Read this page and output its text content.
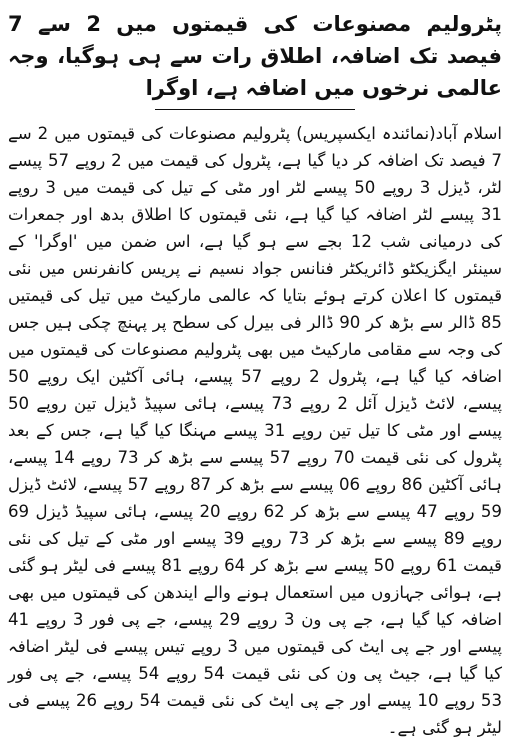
پٹرولیم مصنوعات کی قیمتوں میں 2 سے 7 فیصد تک اضافہ، اطلاق رات سے ہی ہوگیا، وجہ عالمی نرخوں میں اضافہ ہے، اوگرا

اسلام آباد(نمائندہ ایکسپریس) پٹرولیم مصنوعات کی قیمتوں میں 2 سے 7 فیصد تک اضافہ کر دیا گیا ہے، پٹرول کی قیمت میں 2 روپے 57 پیسے لٹر، ڈیزل 3 روپے 50 پیسے لٹر اور مٹی کے تیل کی قیمت میں 3 روپے 31 پیسے لٹر اضافہ کیا گیا ہے، نئی قیمتوں کا اطلاق بدھ اور جمعرات کی درمیانی شب 12 بجے سے ہو گیا ہے، اس ضمن میں 'اوگرا' کے سینئر ایگزیکٹو ڈائریکٹر فنانس جواد نسیم نے پریس کانفرنس میں نئی قیمتوں کا اعلان کرتے ہوئے بتایا کہ عالمی مارکیٹ میں تیل کی قیمتیں 85 ڈالر سے بڑھ کر 90 ڈالر فی بیرل کی سطح پر پہنچ چکی ہیں جس کی وجہ سے مقامی مارکیٹ میں بھی پٹرولیم مصنوعات کی قیمتوں میں اضافہ کیا گیا ہے، پٹرول 2 روپے 57 پیسے، ہائی آکٹین ایک روپے 50 پیسے، لائٹ ڈیزل آئل 2 روپے 73 پیسے، ہائی سپیڈ ڈیزل تین روپے 50 پیسے اور مٹی کا تیل تین روپے 31 پیسے مہنگا کیا گیا ہے، جس کے بعد پٹرول کی نئی قیمت 70 روپے 57 پیسے سے بڑھ کر 73 روپے 14 پیسے، ہائی آکٹین 86 روپے 06 پیسے سے بڑھ کر 87 روپے 57 پیسے، لائٹ ڈیزل 59 روپے 47 پیسے سے بڑھ کر 62 روپے 20 پیسے، ہائی سپیڈ ڈیزل 69 روپے 89 پیسے سے بڑھ کر 73 روپے 39 پیسے اور مٹی کے تیل کی نئی قیمت 61 روپے 50 پیسے سے بڑھ کر 64 روپے 81 پیسے فی لیٹر ہو گئی ہے، ہوائی جہازوں میں استعمال ہونے والے ایندھن کی قیمتوں میں بھی اضافہ کیا گیا ہے، جے پی ون 3 روپے 29 پیسے، جے پی فور 3 روپے 41 پیسے اور جے پی ایٹ کی قیمتوں میں 3 روپے تیس پیسے فی لیٹر اضافہ کیا گیا ہے، جیٹ پی ون کی نئی قیمت 54 روپے 54 پیسے، جے پی فور 53 روپے 10 پیسے اور جے پی ایٹ کی نئی قیمت 54 روپے 26 پیسے فی لیٹر ہو گئی ہے۔
